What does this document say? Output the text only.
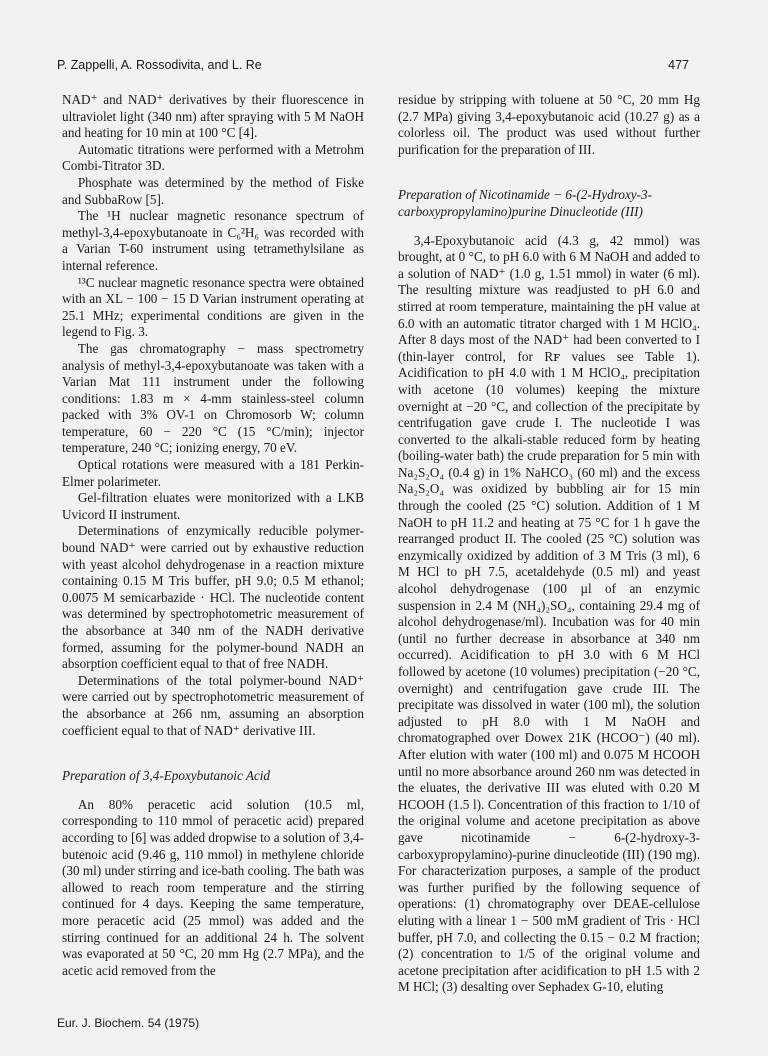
P. Zappelli, A. Rossodivita, and L. Re	477

NAD⁺ and NAD⁺ derivatives by their fluorescence in ultraviolet light (340 nm) after spraying with 5 M NaOH and heating for 10 min at 100 °C [4].

Automatic titrations were performed with a Metrohm Combi-Titrator 3D.

Phosphate was determined by the method of Fiske and SubbaRow [5].

The ¹H nuclear magnetic resonance spectrum of methyl-3,4-epoxybutanoate in C₆²H₆ was recorded with a Varian T-60 instrument using tetramethylsilane as internal reference.

¹³C nuclear magnetic resonance spectra were obtained with an XL − 100 − 15 D Varian instrument operating at 25.1 MHz; experimental conditions are given in the legend to Fig. 3.

The gas chromatography − mass spectrometry analysis of methyl-3,4-epoxybutanoate was taken with a Varian Mat 111 instrument under the following conditions: 1.83 m × 4-mm stainless-steel column packed with 3% OV-1 on Chromosorb W; column temperature, 60 − 220 °C (15 °C/min); injector temperature, 240 °C; ionizing energy, 70 eV.

Optical rotations were measured with a 181 Perkin-Elmer polarimeter.

Gel-filtration eluates were monitorized with a LKB Uvicord II instrument.

Determinations of enzymically reducible polymer-bound NAD⁺ were carried out by exhaustive reduction with yeast alcohol dehydrogenase in a reaction mixture containing 0.15 M Tris buffer, pH 9.0; 0.5 M ethanol; 0.0075 M semicarbazide · HCl. The nucleotide content was determined by spectrophotometric measurement of the absorbance at 340 nm of the NADH derivative formed, assuming for the polymer-bound NADH an absorption coefficient equal to that of free NADH.

Determinations of the total polymer-bound NAD⁺ were carried out by spectrophotometric measurement of the absorbance at 266 nm, assuming an absorption coefficient equal to that of NAD⁺ derivative III.

Preparation of 3,4-Epoxybutanoic Acid

An 80% peracetic acid solution (10.5 ml, corresponding to 110 mmol of peracetic acid) prepared according to [6] was added dropwise to a solution of 3,4-butenoic acid (9.46 g, 110 mmol) in methylene chloride (30 ml) under stirring and ice-bath cooling. The bath was allowed to reach room temperature and the stirring continued for 4 days. Keeping the same temperature, more peracetic acid (25 mmol) was added and the stirring continued for an additional 24 h. The solvent was evaporated at 50 °C, 20 mm Hg (2.7 MPa), and the acetic acid removed from the

residue by stripping with toluene at 50 °C, 20 mm Hg (2.7 MPa) giving 3,4-epoxybutanoic acid (10.27 g) as a colorless oil. The product was used without further purification for the preparation of III.

Preparation of Nicotinamide − 6-(2-Hydroxy-3-carboxypropylamino)purine Dinucleotide (III)

3,4-Epoxybutanoic acid (4.3 g, 42 mmol) was brought, at 0 °C, to pH 6.0 with 6 M NaOH and added to a solution of NAD⁺ (1.0 g, 1.51 mmol) in water (6 ml). The resulting mixture was readjusted to pH 6.0 and stirred at room temperature, maintaining the pH value at 6.0 with an automatic titrator charged with 1 M HClO₄. After 8 days most of the NAD⁺ had been converted to I (thin-layer control, for Rꜰ values see Table 1). Acidification to pH 4.0 with 1 M HClO₄, precipitation with acetone (10 volumes) keeping the mixture overnight at −20 °C, and collection of the precipitate by centrifugation gave crude I. The nucleotide I was converted to the alkali-stable reduced form by heating (boiling-water bath) the crude preparation for 5 min with Na₂S₂O₄ (0.4 g) in 1% NaHCO₃ (60 ml) and the excess Na₂S₂O₄ was oxidized by bubbling air for 15 min through the cooled (25 °C) solution. Addition of 1 M NaOH to pH 11.2 and heating at 75 °C for 1 h gave the rearranged product II. The cooled (25 °C) solution was enzymically oxidized by addition of 3 M Tris (3 ml), 6 M HCl to pH 7.5, acetaldehyde (0.5 ml) and yeast alcohol dehydrogenase (100 µl of an enzymic suspension in 2.4 M (NH₄)₂SO₄, containing 29.4 mg of alcohol dehydrogenase/ml). Incubation was for 40 min (until no further decrease in absorbance at 340 nm occurred). Acidification to pH 3.0 with 6 M HCl followed by acetone (10 volumes) precipitation (−20 °C, overnight) and centrifugation gave crude III. The precipitate was dissolved in water (100 ml), the solution adjusted to pH 8.0 with 1 M NaOH and chromatographed over Dowex 21K (HCOO⁻) (40 ml). After elution with water (100 ml) and 0.075 M HCOOH until no more absorbance around 260 nm was detected in the eluates, the derivative III was eluted with 0.20 M HCOOH (1.5 l). Concentration of this fraction to 1/10 of the original volume and acetone precipitation as above gave nicotinamide − 6-(2-hydroxy-3-carboxypropylamino)-purine dinucleotide (III) (190 mg). For characterization purposes, a sample of the product was further purified by the following sequence of operations: (1) chromatography over DEAE-cellulose eluting with a linear 1 − 500 mM gradient of Tris · HCl buffer, pH 7.0, and collecting the 0.15 − 0.2 M fraction; (2) concentration to 1/5 of the original volume and acetone precipitation after acidification to pH 1.5 with 2 M HCl; (3) desalting over Sephadex G-10, eluting

Eur. J. Biochem. 54 (1975)
